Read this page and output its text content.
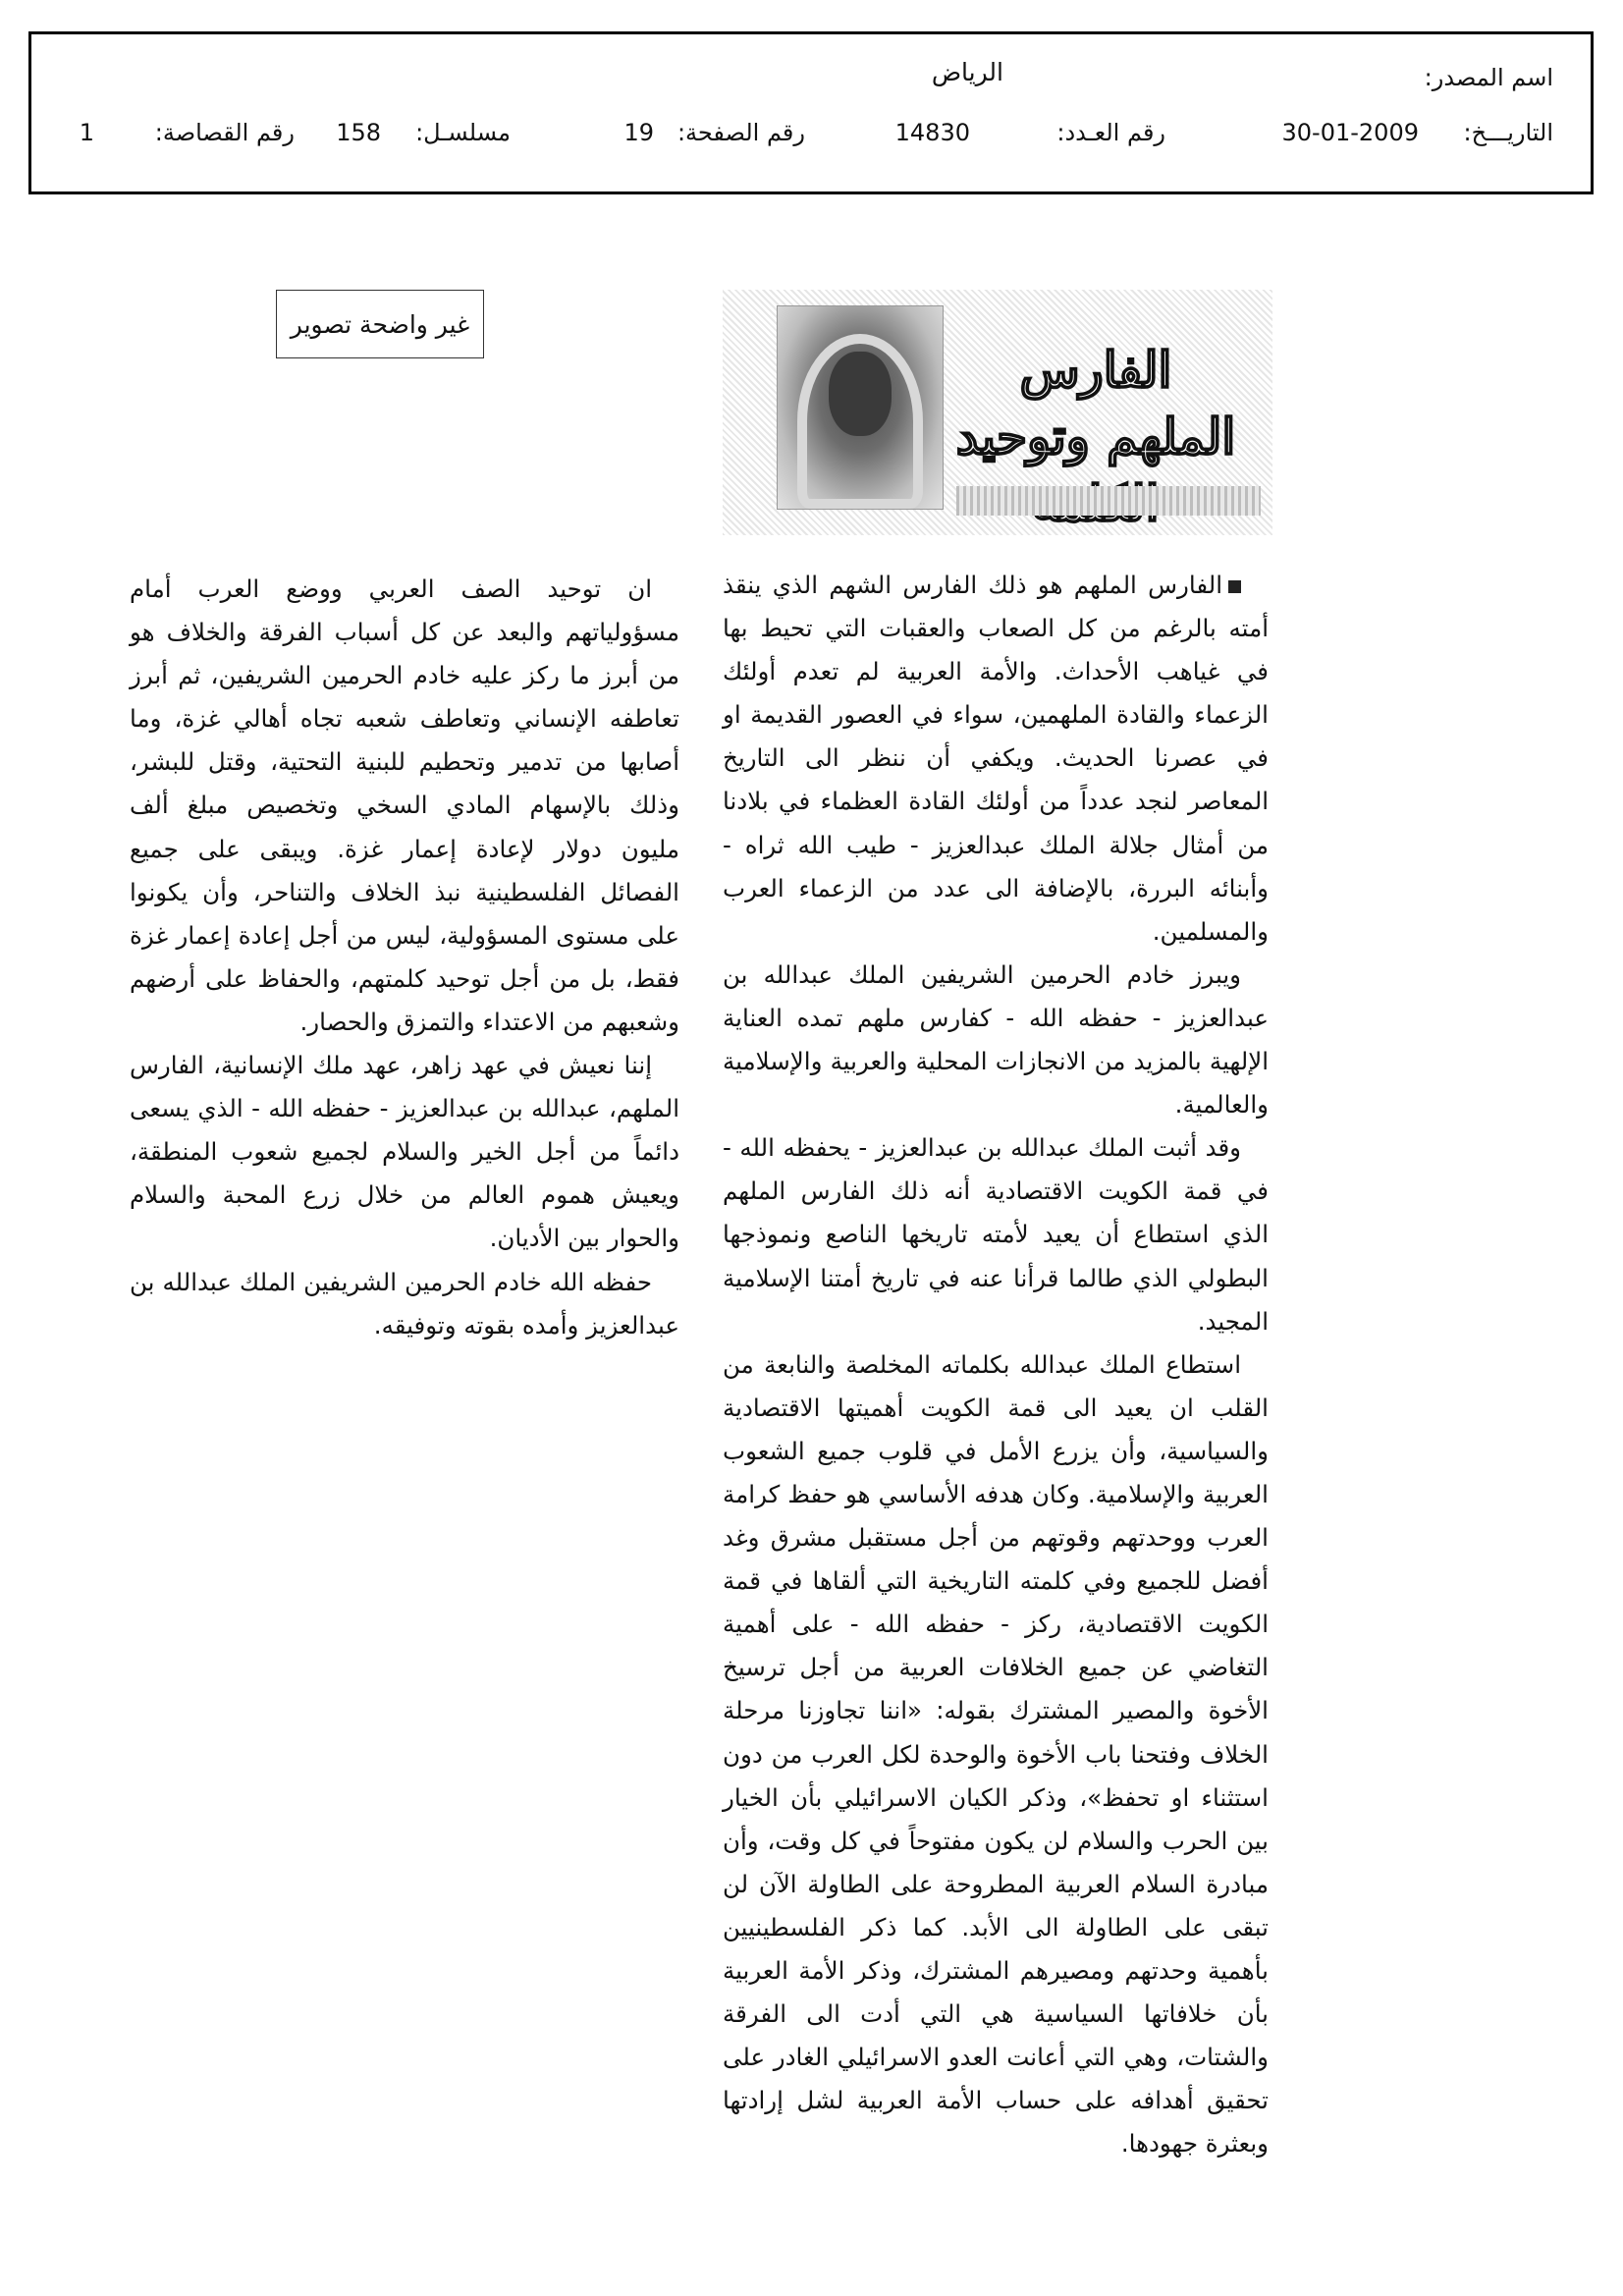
اسم المصدر:
الرياض
التاريـــخ:
30-01-2009
رقم العـدد:
14830
رقم الصفحة:
19
مسلسـل:
158
رقم القصاصة:
1
غير واضحة تصوير
الفارس الملهم وتوحيد

الفارس الملهم هو ذلك الفارس الشهم الذي ينقذ أمته بالرغم من كل الصعاب والعقبات التي تحيط بها في غياهب الأحداث. والأمة العربية لم تعدم أولئك الزعماء والقادة الملهمين، سواء في العصور القديمة او في عصرنا الحديث. ويكفي أن ننظر الى التاريخ المعاصر لنجد عدداً من أولئك القادة العظماء في بلادنا من أمثال جلالة الملك عبدالعزيز - طيب الله ثراه - وأبنائه البررة، بالإضافة الى عدد من الزعماء العرب والمسلمين.

ويبرز خادم الحرمين الشريفين الملك عبدالله بن عبدالعزيز - حفظه الله - كفارس ملهم تمده العناية الإلهية بالمزيد من الانجازات المحلية والعربية والإسلامية والعالمية.

وقد أثبت الملك عبدالله بن عبدالعزيز - يحفظه الله - في قمة الكويت الاقتصادية أنه ذلك الفارس الملهم الذي استطاع أن يعيد لأمته تاريخها الناصع ونموذجها البطولي الذي طالما قرأنا عنه في تاريخ أمتنا الإسلامية المجيد.

استطاع الملك عبدالله بكلماته المخلصة والنابعة من القلب ان يعيد الى قمة الكويت أهميتها الاقتصادية والسياسية، وأن يزرع الأمل في قلوب جميع الشعوب العربية والإسلامية. وكان هدفه الأساسي هو حفظ كرامة العرب ووحدتهم وقوتهم من أجل مستقبل مشرق وغد أفضل للجميع وفي كلمته التاريخية التي ألقاها في قمة الكويت الاقتصادية، ركز - حفظه الله - على أهمية التغاضي عن جميع الخلافات العربية من أجل ترسيخ الأخوة والمصير المشترك بقوله: «اننا تجاوزنا مرحلة الخلاف وفتحنا باب الأخوة والوحدة لكل العرب من دون استثناء او تحفظ»، وذكر الكيان الاسرائيلي بأن الخيار بين الحرب والسلام لن يكون مفتوحاً في كل وقت، وأن مبادرة السلام العربية المطروحة على الطاولة الآن لن تبقى على الطاولة الى الأبد. كما ذكر الفلسطينيين بأهمية وحدتهم ومصيرهم المشترك، وذكر الأمة العربية بأن خلافاتها السياسية هي التي أدت الى الفرقة والشتات، وهي التي أعانت العدو الاسرائيلي الغادر على تحقيق أهدافه على حساب الأمة العربية لشل إرادتها وبعثرة جهودها.

ان توحيد الصف العربي ووضع العرب أمام مسؤولياتهم والبعد عن كل أسباب الفرقة والخلاف هو من أبرز ما ركز عليه خادم الحرمين الشريفين، ثم أبرز تعاطفه الإنساني وتعاطف شعبه تجاه أهالي غزة، وما أصابها من تدمير وتحطيم للبنية التحتية، وقتل للبشر، وذلك بالإسهام المادي السخي وتخصيص مبلغ ألف مليون دولار لإعادة إعمار غزة. ويبقى على جميع الفصائل الفلسطينية نبذ الخلاف والتناحر، وأن يكونوا على مستوى المسؤولية، ليس من أجل إعادة إعمار غزة فقط، بل من أجل توحيد كلمتهم، والحفاظ على أرضهم وشعبهم من الاعتداء والتمزق والحصار.

إننا نعيش في عهد زاهر، عهد ملك الإنسانية، الفارس الملهم، عبدالله بن عبدالعزيز - حفظه الله - الذي يسعى دائماً من أجل الخير والسلام لجميع شعوب المنطقة، ويعيش هموم العالم من خلال زرع المحبة والسلام والحوار بين الأديان.

حفظه الله خادم الحرمين الشريفين الملك عبدالله بن عبدالعزيز وأمده بقوته وتوفيقه.
